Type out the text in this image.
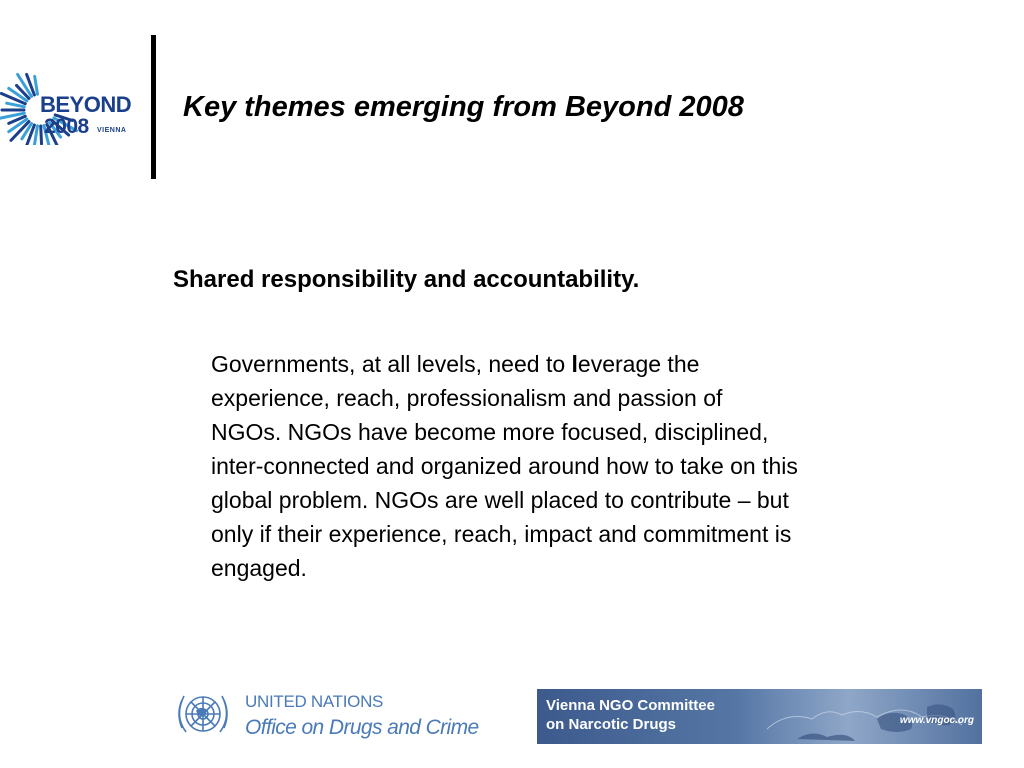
BEYOND
2008 VIENNA
Key themes emerging from Beyond 2008
Shared responsibility and accountability.
Governments, at all levels, need to leverage the
experience, reach, professionalism and passion of
NGOs. NGOs have become more focused, disciplined,
inter-connected and organized around how to take on this
global problem. NGOs are well placed to contribute – but
only if their experience, reach, impact and commitment is
engaged.
UNITED NATIONS
Office on Drugs and Crime
Vienna NGO Committee
on Narcotic Drugs	www.vngoc.org
